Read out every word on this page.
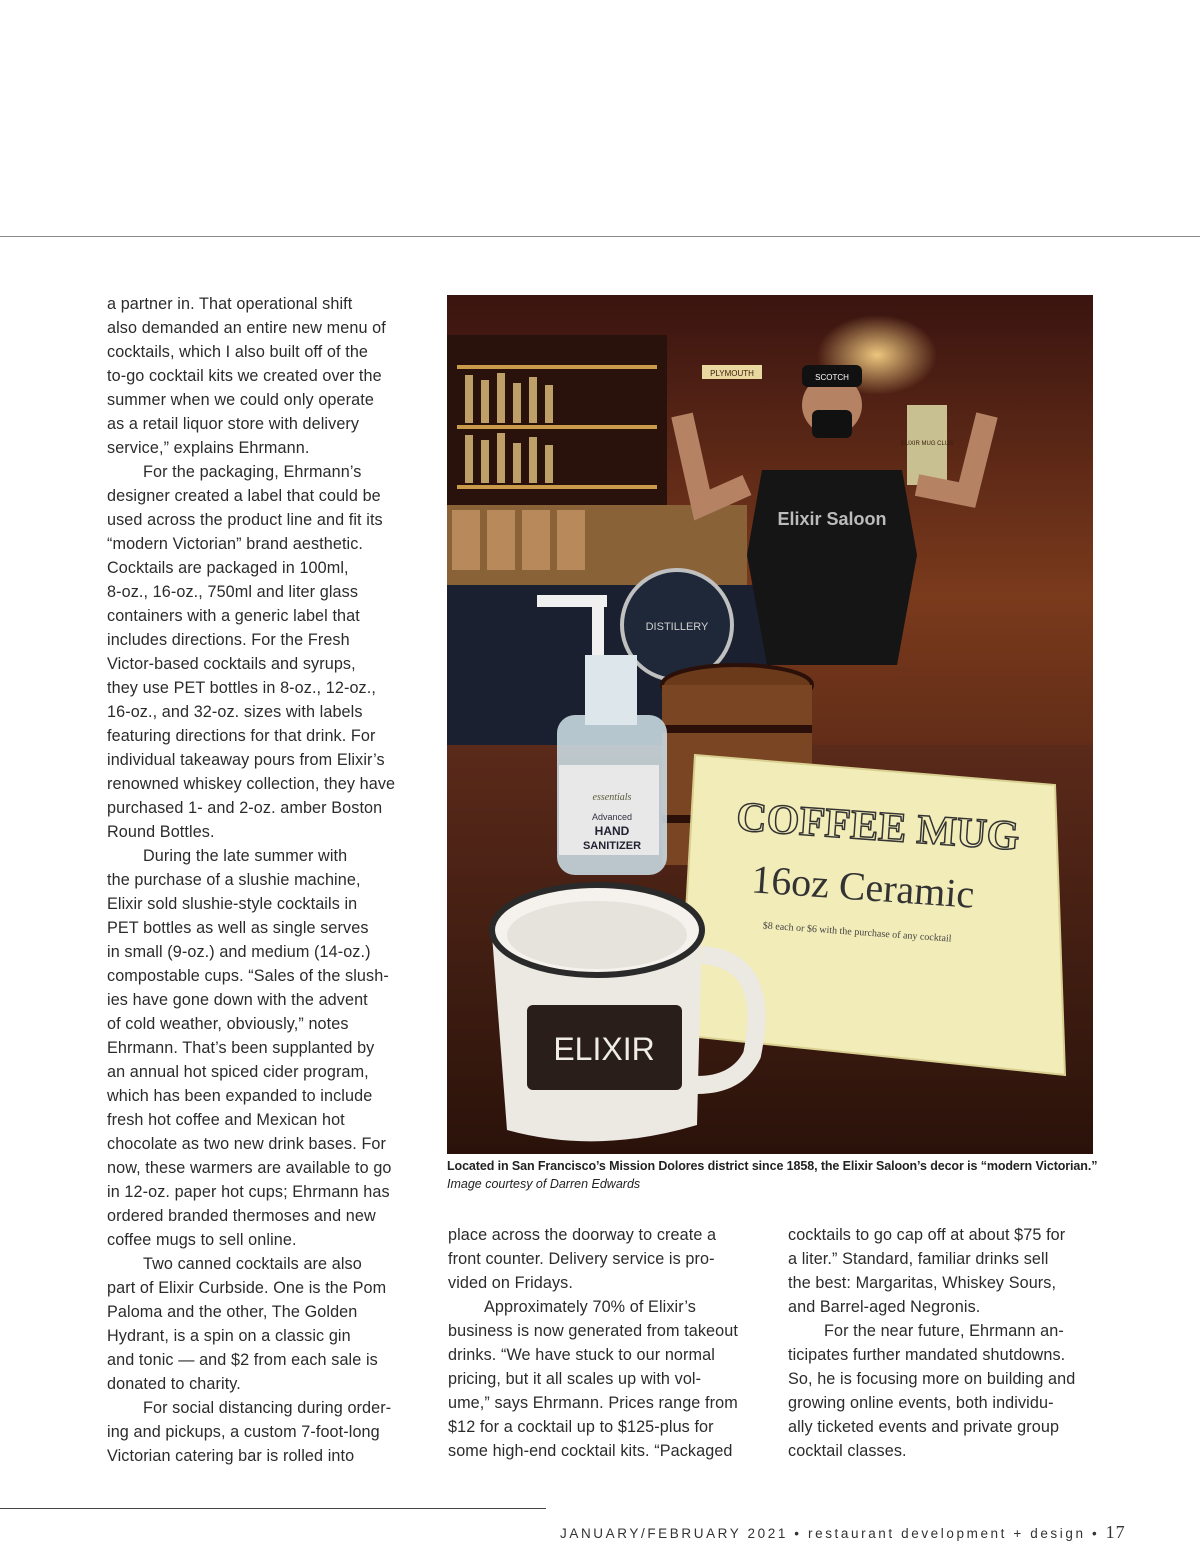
a partner in. That operational shift
also demanded an entire new menu of
cocktails, which I also built off of the
to-go cocktail kits we created over the
summer when we could only operate
as a retail liquor store with delivery
service,” explains Ehrmann.

For the packaging, Ehrmann’s
designer created a label that could be
used across the product line and fit its
“modern Victorian” brand aesthetic.
Cocktails are packaged in 100ml,
8-oz., 16-oz., 750ml and liter glass
containers with a generic label that
includes directions. For the Fresh
Victor-based cocktails and syrups,
they use PET bottles in 8-oz., 12-oz.,
16-oz., and 32-oz. sizes with labels
featuring directions for that drink. For
individual takeaway pours from Elixir’s
renowned whiskey collection, they have
purchased 1- and 2-oz. amber Boston
Round Bottles.

During the late summer with
the purchase of a slushie machine,
Elixir sold slushie-style cocktails in
PET bottles as well as single serves
in small (9-oz.) and medium (14-oz.)
compostable cups. “Sales of the slush-
ies have gone down with the advent
of cold weather, obviously,” notes
Ehrmann. That’s been supplanted by
an annual hot spiced cider program,
which has been expanded to include
fresh hot coffee and Mexican hot
chocolate as two new drink bases. For
now, these warmers are available to go
in 12-oz. paper hot cups; Ehrmann has
ordered branded thermoses and new
coffee mugs to sell online.

Two canned cocktails are also
part of Elixir Curbside. One is the Pom
Paloma and the other, The Golden
Hydrant, is a spin on a classic gin
and tonic — and $2 from each sale is
donated to charity.

For social distancing during order-
ing and pickups, a custom 7-foot-long
Victorian catering bar is rolled into

PLYMOUTH
ELIXIR MUG CLUB
DISTILLERY
SCOTCH
Elixir Saloon
essentials
Advanced
HAND
SANITIZER COFFEE MUG
16oz Ceramic
$8 each or $6 with the purchase of any cocktail
ELIXIR
Located in San Francisco’s Mission Dolores district since 1858, the Elixir Saloon’s decor is “modern Victorian.”
Image courtesy of Darren Edwards

place across the doorway to create a
front counter. Delivery service is pro-
vided on Fridays.

Approximately 70% of Elixir’s
business is now generated from takeout
drinks. “We have stuck to our normal
pricing, but it all scales up with vol-
ume,” says Ehrmann. Prices range from
$12 for a cocktail up to $125-plus for
some high-end cocktail kits. “Packaged

cocktails to go cap off at about $75 for
a liter.” Standard, familiar drinks sell
the best: Margaritas, Whiskey Sours,
and Barrel-aged Negronis.

For the near future, Ehrmann an-
ticipates further mandated shutdowns.
So, he is focusing more on building and
growing online events, both individu-
ally ticketed events and private group
cocktail classes.

JANUARY/FEBRUARY 2021 • restaurant development + design • 17
